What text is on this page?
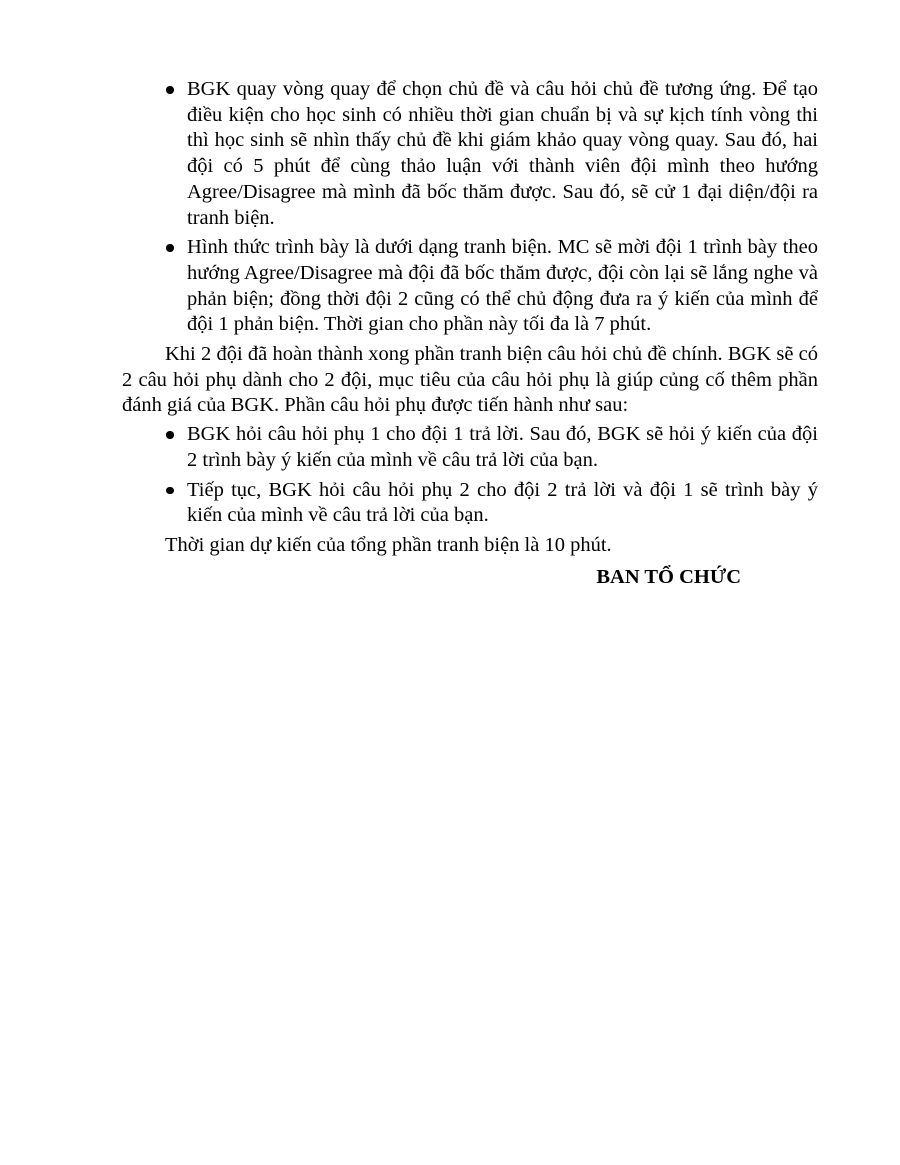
BGK quay vòng quay để chọn chủ đề và câu hỏi chủ đề tương ứng. Để tạo điều kiện cho học sinh có nhiều thời gian chuẩn bị và sự kịch tính vòng thi thì học sinh sẽ nhìn thấy chủ đề khi giám khảo quay vòng quay. Sau đó, hai đội có 5 phút để cùng thảo luận với thành viên đội mình theo hướng Agree/Disagree mà mình đã bốc thăm được. Sau đó, sẽ cử 1 đại diện/đội ra tranh biện.
Hình thức trình bày là dưới dạng tranh biện. MC sẽ mời đội 1 trình bày theo hướng Agree/Disagree mà đội đã bốc thăm được, đội còn lại sẽ lắng nghe và phản biện; đồng thời đội 2 cũng có thể chủ động đưa ra ý kiến của mình để đội 1 phản biện. Thời gian cho phần này tối đa là 7 phút.

Khi 2 đội đã hoàn thành xong phần tranh biện câu hỏi chủ đề chính. BGK sẽ có 2 câu hỏi phụ dành cho 2 đội, mục tiêu của câu hỏi phụ là giúp củng cố thêm phần đánh giá của BGK. Phần câu hỏi phụ được tiến hành như sau:

BGK hỏi câu hỏi phụ 1 cho đội 1 trả lời. Sau đó, BGK sẽ hỏi ý kiến của đội 2 trình bày ý kiến của mình về câu trả lời của bạn.
Tiếp tục, BGK hỏi câu hỏi phụ 2 cho đội 2 trả lời và đội 1 sẽ trình bày ý kiến của mình về câu trả lời của bạn.

Thời gian dự kiến của tổng phần tranh biện là 10 phút.

BAN TỔ CHỨC
